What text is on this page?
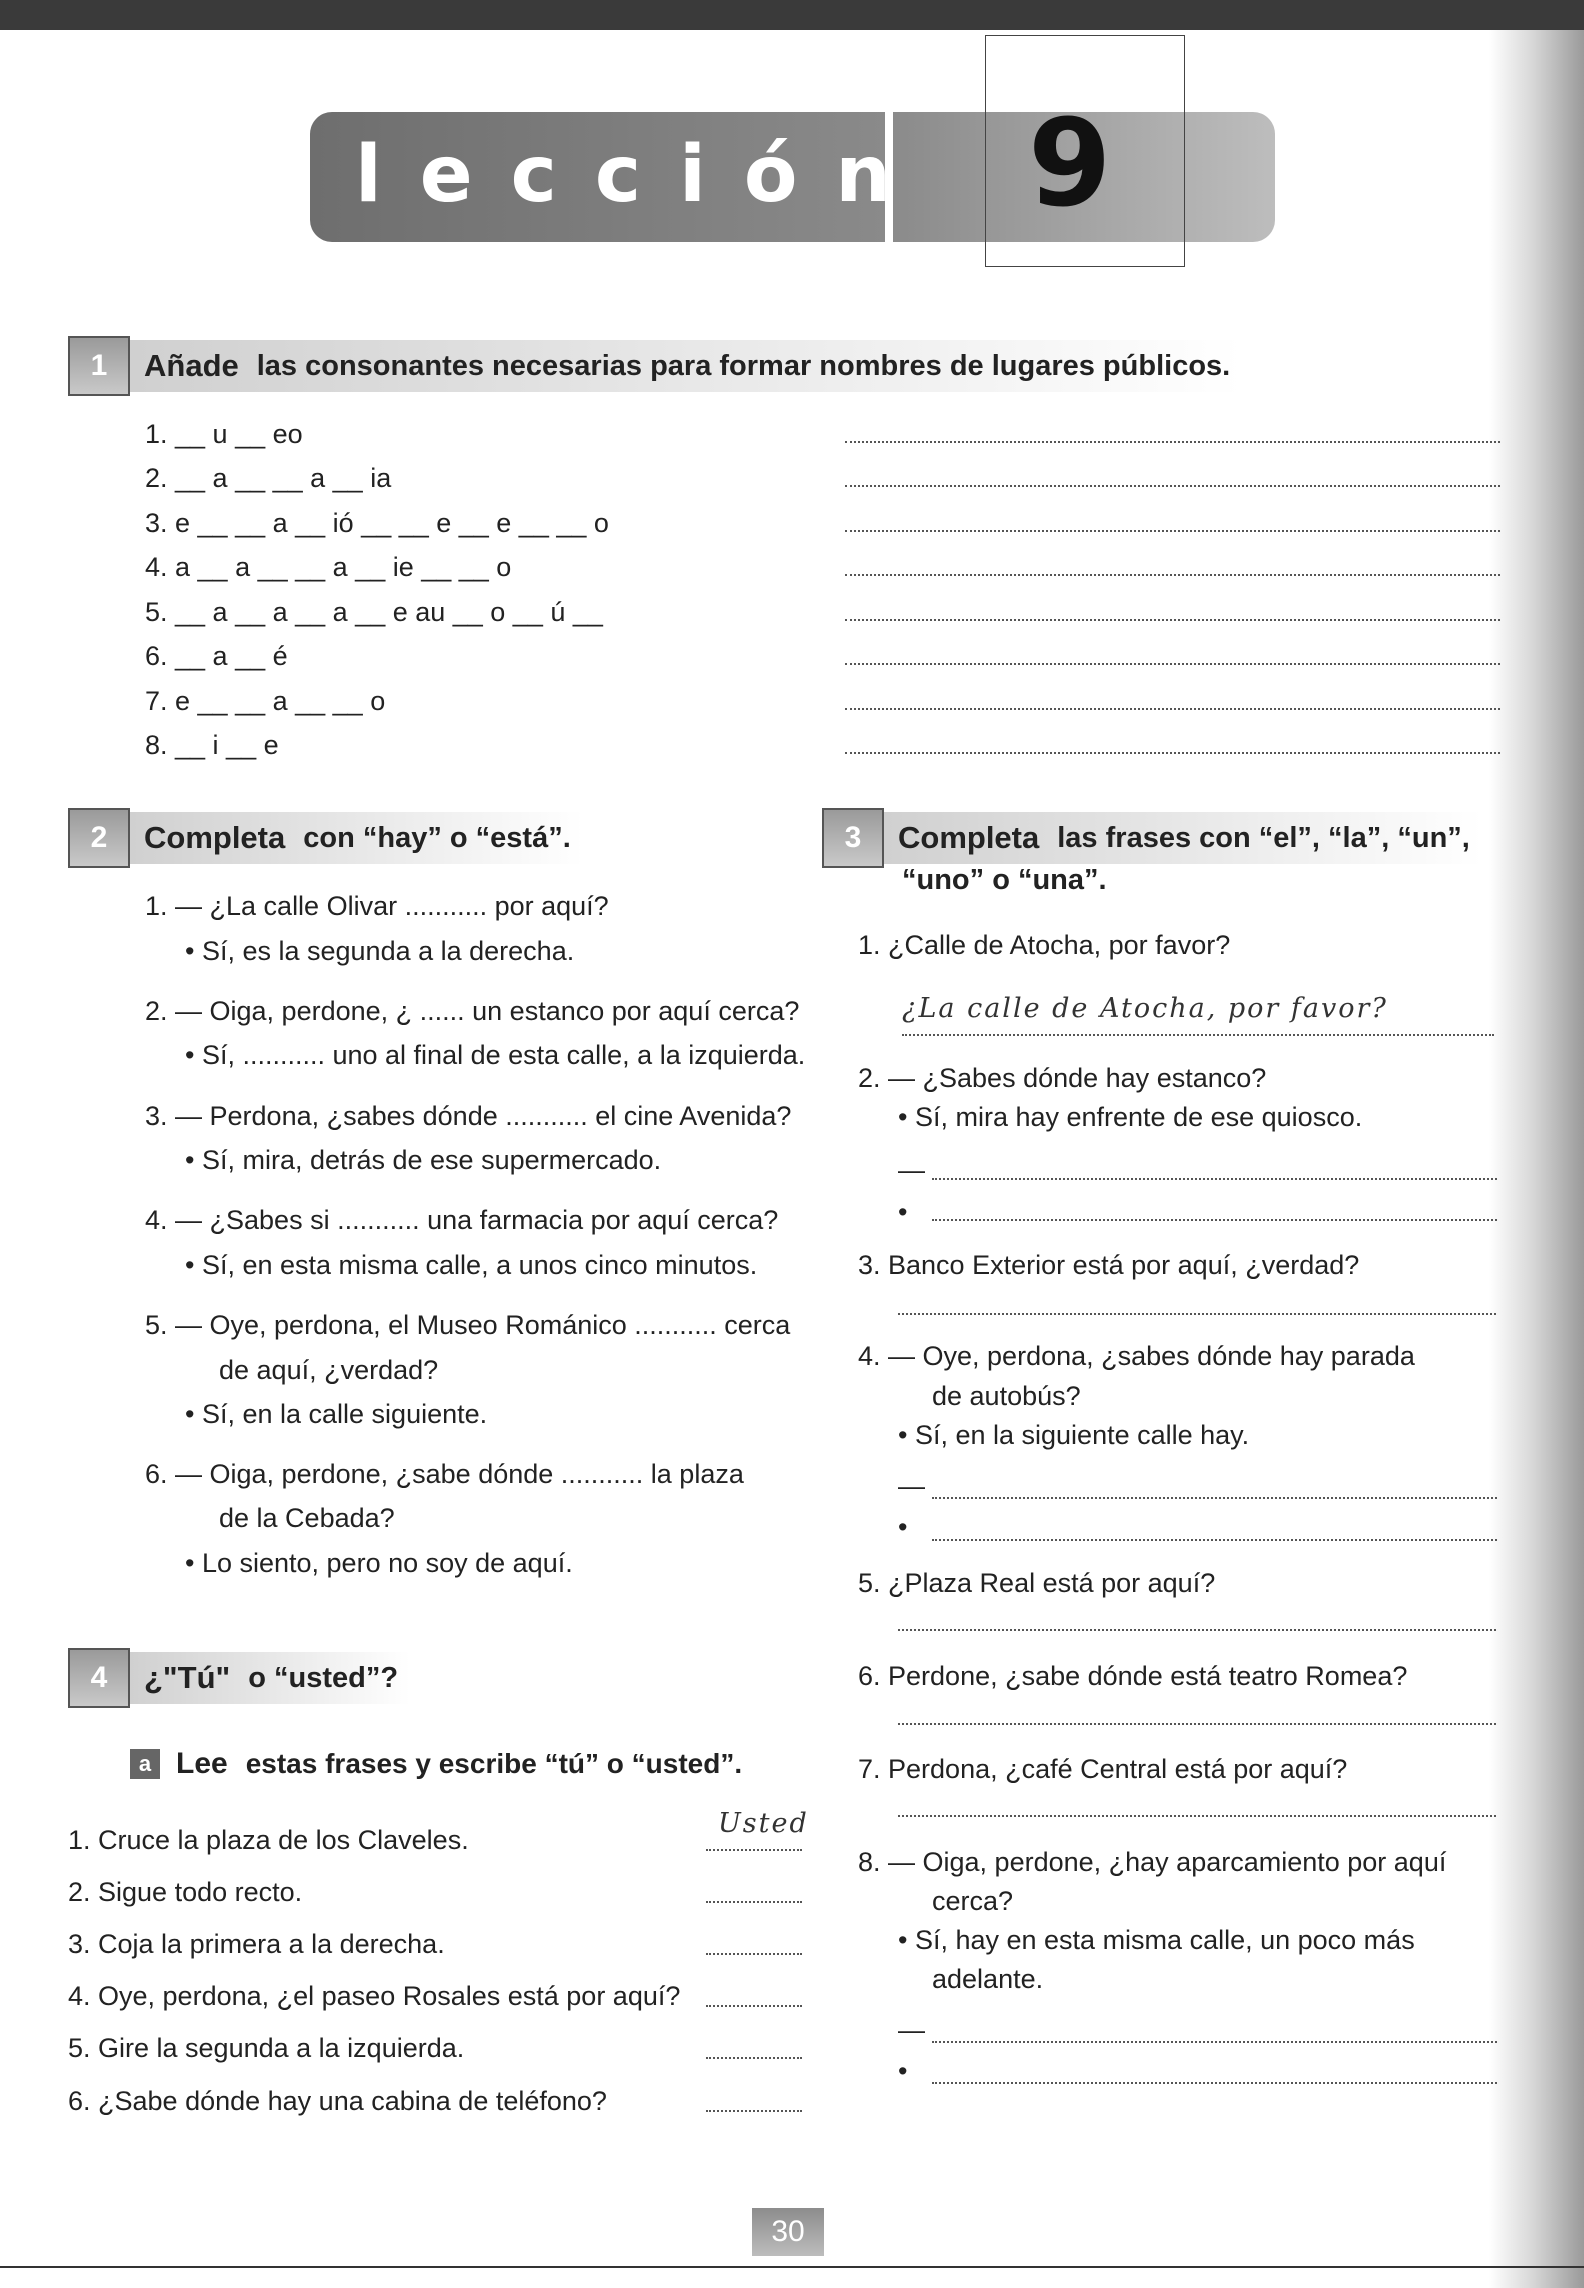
lección 9
1	Añade las consonantes necesarias para formar nombres de lugares públicos.
1. __ u __ eo
2. __ a __ __ a __ ia
3. e __ __ a __ ió __ __ e __ e __ __ o
4. a __ a __ __ a __ ie __ __ o
5. __ a __ a __ a __ e au __ o __ ú __
6. __ a __ é
7. e __ __ a __ __ o
8. __ i __ e
2	Completa con “hay” o “está”.
1. — ¿La calle Olivar ........... por aquí?
• Sí, es la segunda a la derecha.
2. — Oiga, perdone, ¿ ...... un estanco por aquí cerca?
• Sí, ........... uno al final de esta calle, a la izquierda.
3. — Perdona, ¿sabes dónde ........... el cine Avenida?
• Sí, mira, detrás de ese supermercado.
4. — ¿Sabes si ........... una farmacia por aquí cerca?
• Sí, en esta misma calle, a unos cinco minutos.
5. — Oye, perdona, el Museo Románico ........... cerca
de aquí, ¿verdad?
• Sí, en la calle siguiente.
6. — Oiga, perdone, ¿sabe dónde ........... la plaza
de la Cebada?
• Lo siento, pero no soy de aquí.
3	Completa las frases con “el”, “la”, “un”,
“uno” o “una”.
1. ¿Calle de Atocha, por favor?
¿La calle de Atocha, por favor?
2. — ¿Sabes dónde hay estanco?
• Sí, mira hay enfrente de ese quiosco.
—
•
3. Banco Exterior está por aquí, ¿verdad?
4. — Oye, perdona, ¿sabes dónde hay parada
de autobús?
• Sí, en la siguiente calle hay.
—
•
5. ¿Plaza Real está por aquí?
6. Perdone, ¿sabe dónde está teatro Romea?
7. Perdona, ¿café Central está por aquí?
8. — Oiga, perdone, ¿hay aparcamiento por aquí
cerca?
• Sí, hay en esta misma calle, un poco más
adelante.
—
•
4	¿"Tú" o “usted”?
a Lee estas frases y escribe “tú” o “usted”.
Usted
1. Cruce la plaza de los Claveles.
2. Sigue todo recto.
3. Coja la primera a la derecha.
4. Oye, perdona, ¿el paseo Rosales está por aquí?
5. Gire la segunda a la izquierda.
6. ¿Sabe dónde hay una cabina de teléfono?
30
